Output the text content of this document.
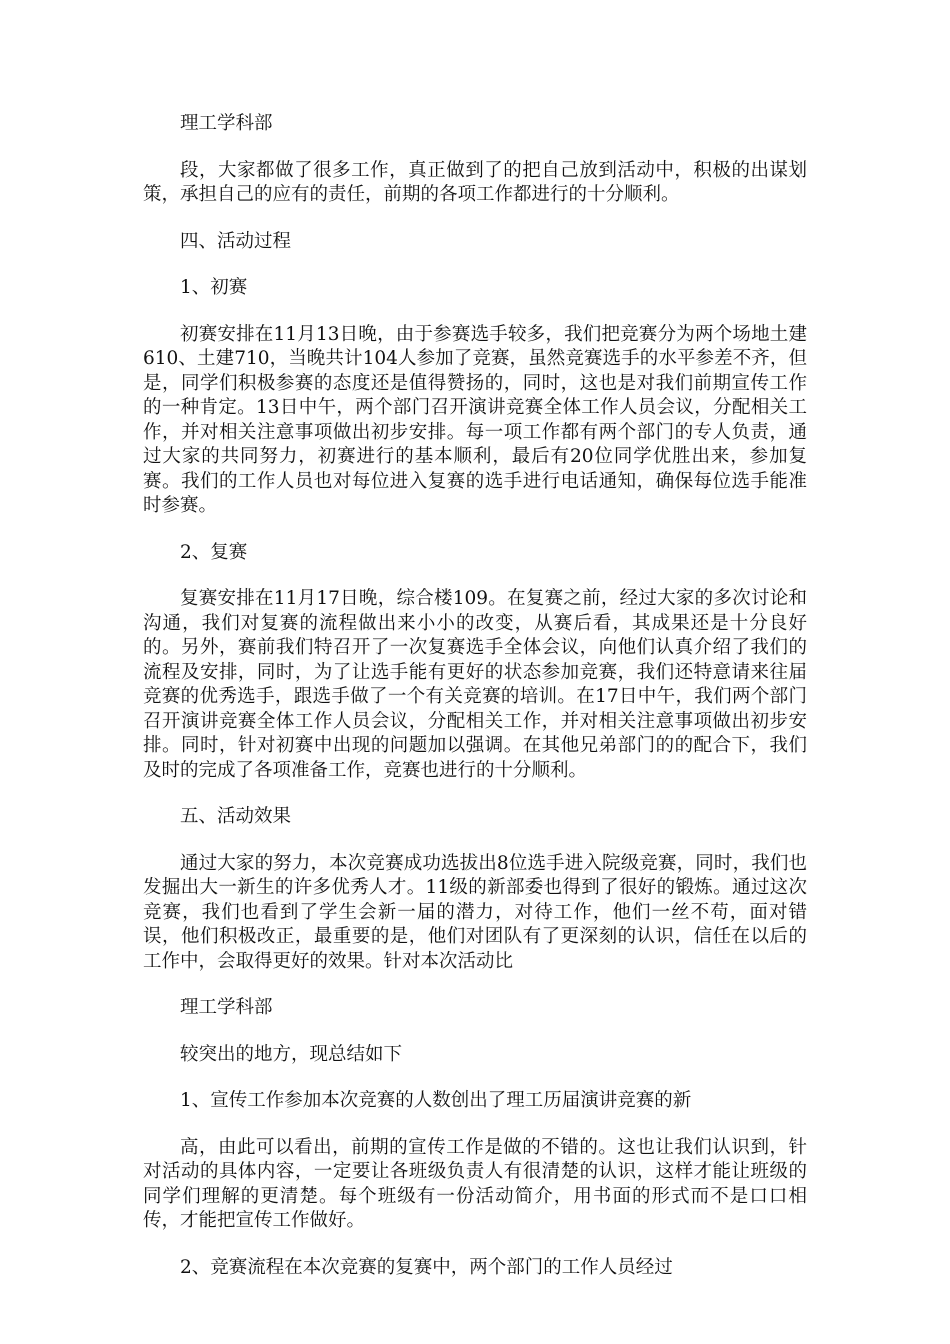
理工学科部

段，大家都做了很多工作，真正做到了的把自己放到活动中，积极的出谋划策，承担自己的应有的责任，前期的各项工作都进行的十分顺利。

四、活动过程

1、初赛

初赛安排在11月13日晚，由于参赛选手较多，我们把竞赛分为两个场地土建610、土建710，当晚共计104人参加了竞赛，虽然竞赛选手的水平参差不齐，但是，同学们积极参赛的态度还是值得赞扬的，同时，这也是对我们前期宣传工作的一种肯定。13日中午，两个部门召开演讲竞赛全体工作人员会议，分配相关工作，并对相关注意事项做出初步安排。每一项工作都有两个部门的专人负责，通过大家的共同努力，初赛进行的基本顺利，最后有20位同学优胜出来，参加复赛。我们的工作人员也对每位进入复赛的选手进行电话通知，确保每位选手能准时参赛。

2、复赛

复赛安排在11月17日晚，综合楼109。在复赛之前，经过大家的多次讨论和沟通，我们对复赛的流程做出来小小的改变，从赛后看，其成果还是十分良好的。另外，赛前我们特召开了一次复赛选手全体会议，向他们认真介绍了我们的流程及安排，同时，为了让选手能有更好的状态参加竞赛，我们还特意请来往届竞赛的优秀选手，跟选手做了一个有关竞赛的培训。在17日中午，我们两个部门召开演讲竞赛全体工作人员会议，分配相关工作，并对相关注意事项做出初步安排。同时，针对初赛中出现的问题加以强调。在其他兄弟部门的的配合下，我们及时的完成了各项准备工作，竞赛也进行的十分顺利。

五、活动效果

通过大家的努力，本次竞赛成功选拔出8位选手进入院级竞赛，同时，我们也发掘出大一新生的许多优秀人才。11级的新部委也得到了很好的锻炼。通过这次竞赛，我们也看到了学生会新一届的潜力，对待工作，他们一丝不苟，面对错误，他们积极改正，最重要的是，他们对团队有了更深刻的认识，信任在以后的工作中，会取得更好的效果。针对本次活动比

理工学科部

较突出的地方，现总结如下

1、宣传工作参加本次竞赛的人数创出了理工历届演讲竞赛的新

高，由此可以看出，前期的宣传工作是做的不错的。这也让我们认识到，针对活动的具体内容，一定要让各班级负责人有很清楚的认识，这样才能让班级的同学们理解的更清楚。每个班级有一份活动简介，用书面的形式而不是口口相传，才能把宣传工作做好。

2、竞赛流程在本次竞赛的复赛中，两个部门的工作人员经过
